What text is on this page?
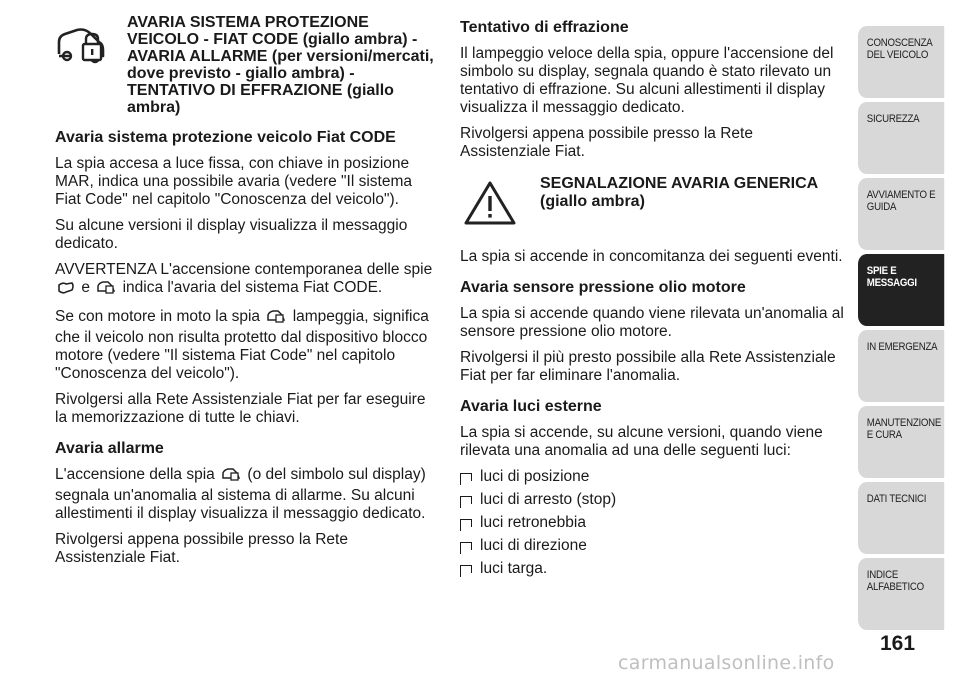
AVARIA SISTEMA PROTEZIONE VEICOLO - FIAT CODE (giallo ambra) - AVARIA ALLARME (per versioni/mercati, dove previsto - giallo ambra) - TENTATIVO DI EFFRAZIONE (giallo ambra)
Avaria sistema protezione veicolo Fiat CODE

La spia accesa a luce fissa, con chiave in posizione MAR, indica una possibile avaria (vedere "Il sistema Fiat Code" nel capitolo "Conoscenza del veicolo").

Su alcune versioni il display visualizza il messaggio dedicato.

AVVERTENZA L'accensione contemporanea delle spie  e indica l'avaria del sistema Fiat CODE.

Se con motore in moto la spia lampeggia, significa che il veicolo non risulta protetto dal dispositivo blocco motore (vedere "Il sistema Fiat Code" nel capitolo "Conoscenza del veicolo").

Rivolgersi alla Rete Assistenziale Fiat per far eseguire la memorizzazione di tutte le chiavi.

Avaria allarme

L'accensione della spia (o del simbolo sul display) segnala un'anomalia al sistema di allarme. Su alcuni allestimenti il display visualizza il messaggio dedicato.

Rivolgersi appena possibile presso la Rete Assistenziale Fiat.

Tentativo di effrazione

Il lampeggio veloce della spia, oppure l'accensione del simbolo su display, segnala quando è stato rilevato un tentativo di effrazione. Su alcuni allestimenti il display visualizza il messaggio dedicato.

Rivolgersi appena possibile presso la Rete Assistenziale Fiat.

SEGNALAZIONE AVARIA GENERICA (giallo ambra)

La spia si accende in concomitanza dei seguenti eventi.

Avaria sensore pressione olio motore

La spia si accende quando viene rilevata un'anomalia al sensore pressione olio motore.

Rivolgersi il più presto possibile alla Rete Assistenziale Fiat per far eliminare l'anomalia.

Avaria luci esterne

La spia si accende, su alcune versioni, quando viene rilevata una anomalia ad una delle seguenti luci:

luci di posizione
luci di arresto (stop)
luci retronebbia
luci di direzione
luci targa.
CONOSCENZA DEL VEICOLO
SICUREZZA
AVVIAMENTO E GUIDA
SPIE E MESSAGGI
IN EMERGENZA
MANUTENZIONE E CURA
DATI TECNICI
INDICE ALFABETICO
161
carmanualsonline.info
